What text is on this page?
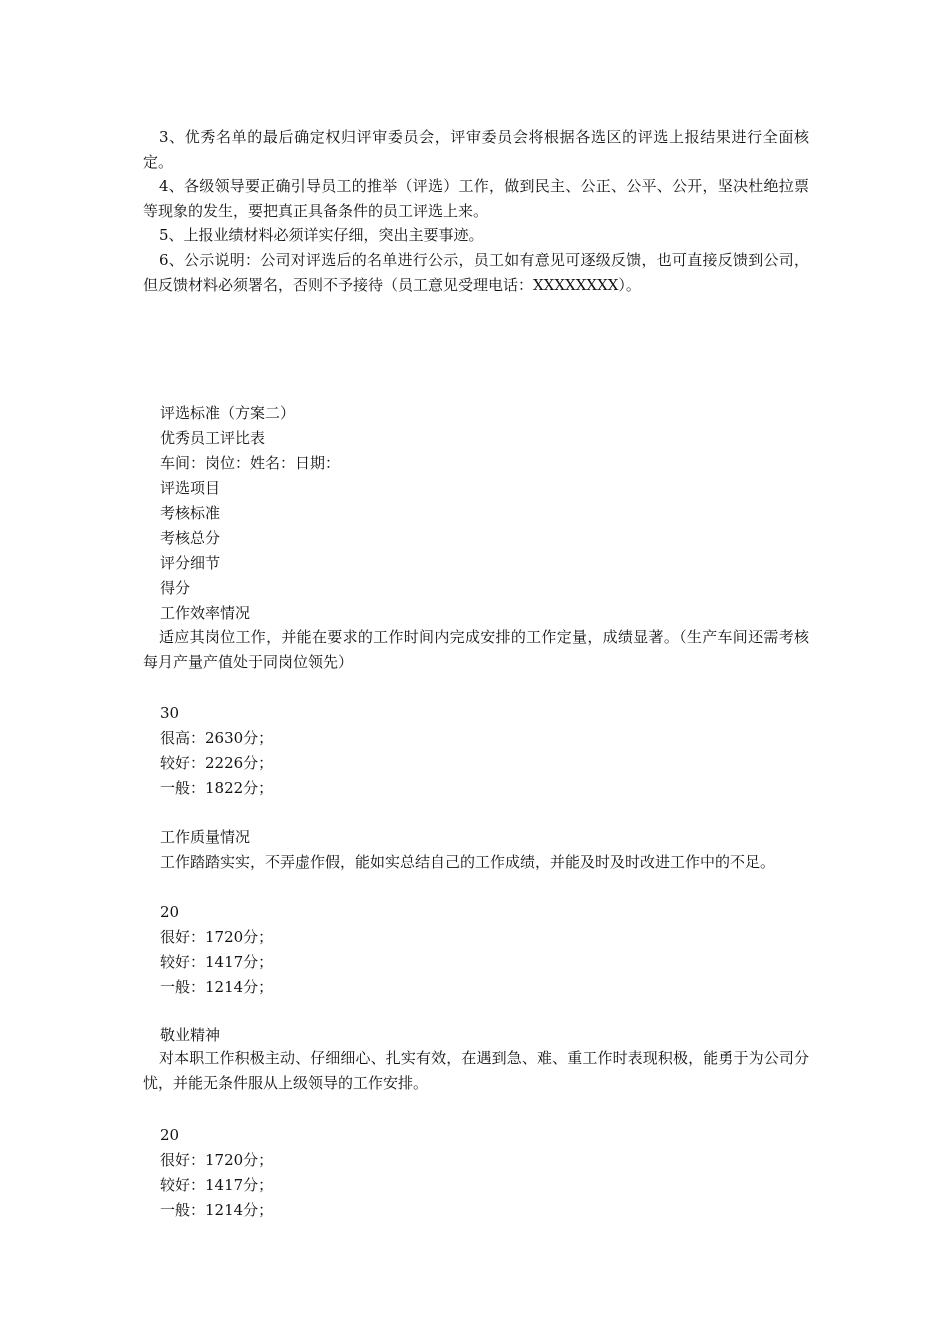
3、优秀名单的最后确定权归评审委员会，评审委员会将根据各选区的评选上报结果进行全面核定。

4、各级领导要正确引导员工的推举（评选）工作，做到民主、公正、公平、公开，坚决杜绝拉票等现象的发生，要把真正具备条件的员工评选上来。

5、上报业绩材料必须详实仔细，突出主要事迹。

6、公示说明：公司对评选后的名单进行公示，员工如有意见可逐级反馈，也可直接反馈到公司，但反馈材料必须署名，否则不予接待（员工意见受理电话：XXXXXXXX）。

评选标准（方案二）
优秀员工评比表
车间：岗位：姓名：日期：
评选项目
考核标准
考核总分
评分细节
得分
工作效率情况

适应其岗位工作，并能在要求的工作时间内完成安排的工作定量，成绩显著。（生产车间还需考核每月产量产值处于同岗位领先）

30
很高：2630分；
较好：2226分；
一般：1822分；
工作质量情况
工作踏踏实实，不弄虚作假，能如实总结自己的工作成绩，并能及时及时改进工作中的不足。
20
很好：1720分；
较好：1417分；
一般：1214分；
敬业精神

对本职工作积极主动、仔细细心、扎实有效，在遇到急、难、重工作时表现积极，能勇于为公司分忧，并能无条件服从上级领导的工作安排。

20
很好：1720分；
较好：1417分；
一般：1214分；
